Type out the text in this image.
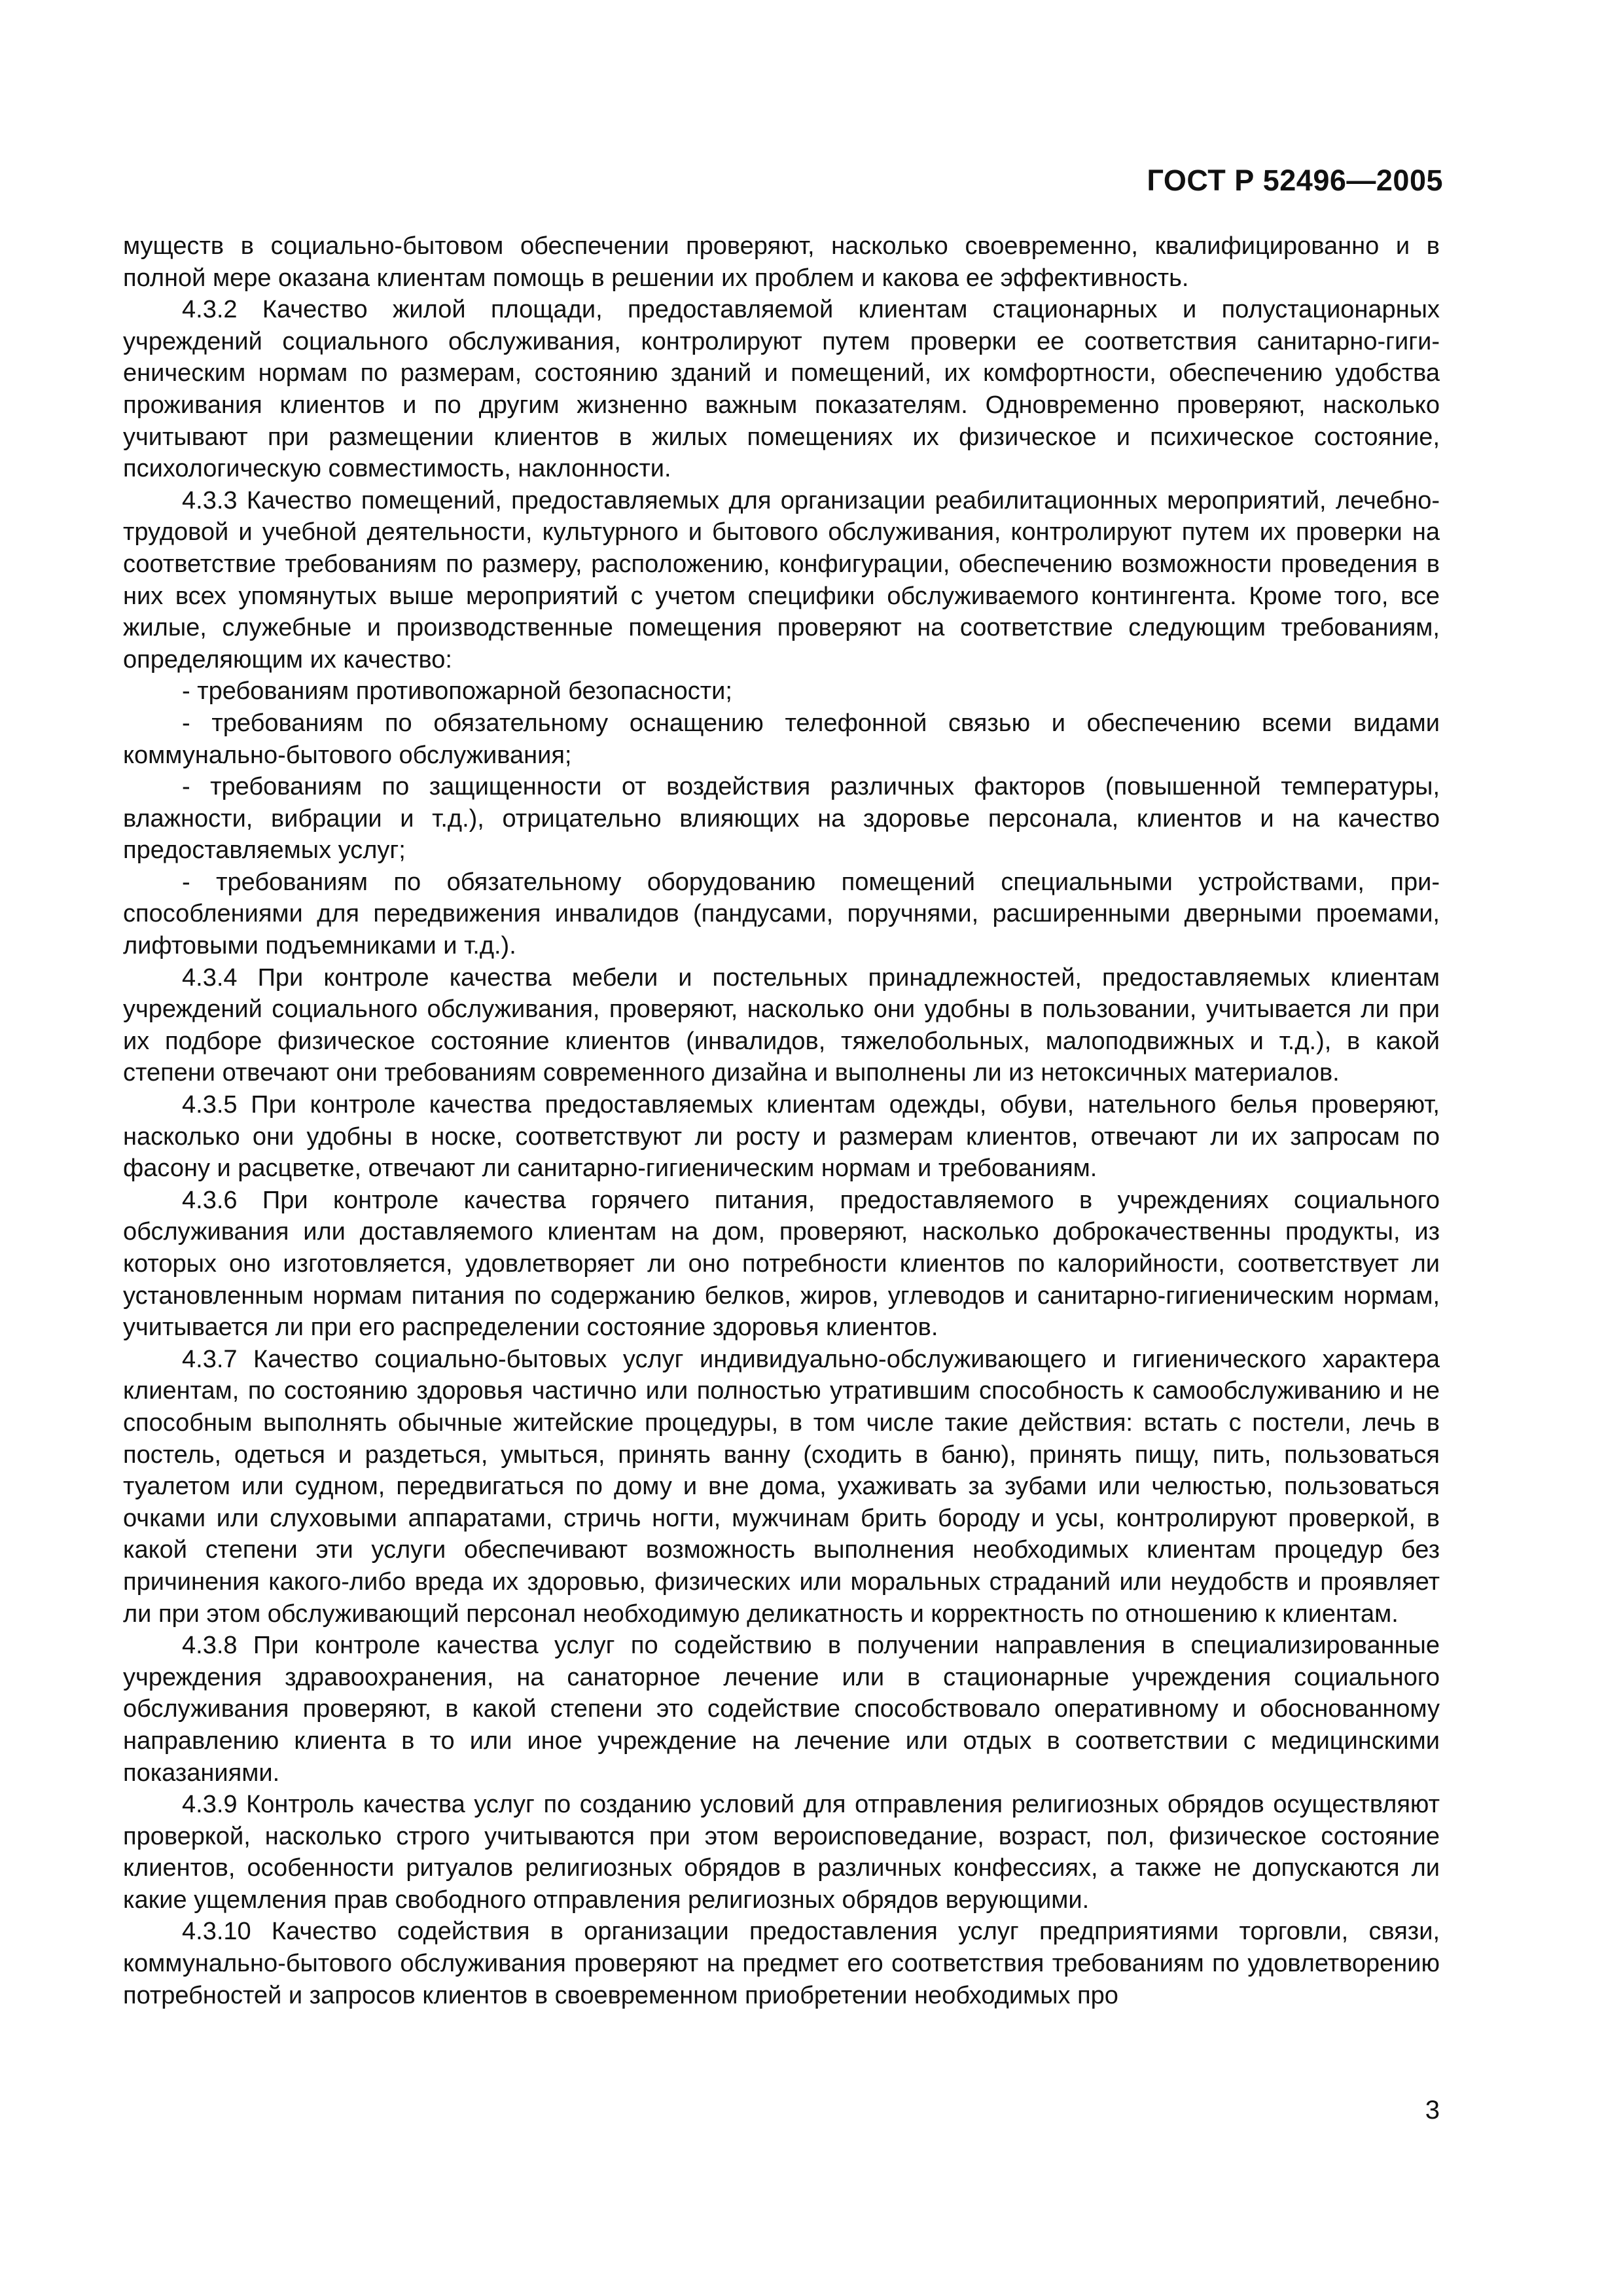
ГОСТ Р 52496—2005

муществ в социально-бытовом обеспечении проверяют, насколько своевременно, квалифицированно и в полной мере оказана клиентам помощь в решении их проблем и какова ее эффективность.

4.3.2 Качество жилой площади, предоставляемой клиентам стационарных и полустационарных учреждений социального обслуживания, контролируют путем проверки ее соответствия санитарно-гигиеническим нормам по размерам, состоянию зданий и помещений, их комфортности, обеспечению удобства проживания клиентов и по другим жизненно важным показателям. Одновременно проверяют, насколько учитывают при размещении клиентов в жилых помещениях их физическое и психическое состояние, психологическую совместимость, наклонности.

4.3.3 Качество помещений, предоставляемых для организации реабилитационных мероприятий, лечебно-трудовой и учебной деятельности, культурного и бытового обслуживания, контролируют путем их проверки на соответствие требованиям по размеру, расположению, конфигурации, обеспечению возможности проведения в них всех упомянутых выше мероприятий с учетом специфики обслуживаемого контингента. Кроме того, все жилые, служебные и производственные помещения проверяют на соответствие следующим требованиям, определяющим их качество:

- требованиям противопожарной безопасности;

- требованиям по обязательному оснащению телефонной связью и обеспечению всеми видами коммунально-бытового обслуживания;

- требованиям по защищенности от воздействия различных факторов (повышенной температуры, влажности, вибрации и т.д.), отрицательно влияющих на здоровье персонала, клиентов и на качество предоставляемых услуг;

- требованиям по обязательному оборудованию помещений специальными устройствами, приспособлениями для передвижения инвалидов (пандусами, поручнями, расширенными дверными проемами, лифтовыми подъемниками и т.д.).

4.3.4 При контроле качества мебели и постельных принадлежностей, предоставляемых клиентам учреждений социального обслуживания, проверяют, насколько они удобны в пользовании, учитывается ли при их подборе физическое состояние клиентов (инвалидов, тяжелобольных, малоподвижных и т.д.), в какой степени отвечают они требованиям современного дизайна и выполнены ли из нетоксичных материалов.

4.3.5 При контроле качества предоставляемых клиентам одежды, обуви, нательного белья проверяют, насколько они удобны в носке, соответствуют ли росту и размерам клиентов, отвечают ли их запросам по фасону и расцветке, отвечают ли санитарно-гигиеническим нормам и требованиям.

4.3.6 При контроле качества горячего питания, предоставляемого в учреждениях социального обслуживания или доставляемого клиентам на дом, проверяют, насколько доброкачественны продукты, из которых оно изготовляется, удовлетворяет ли оно потребности клиентов по калорийности, соответствует ли установленным нормам питания по содержанию белков, жиров, углеводов и санитарно-гигиеническим нормам, учитывается ли при его распределении состояние здоровья клиентов.

4.3.7 Качество социально-бытовых услуг индивидуально-обслуживающего и гигиенического характера клиентам, по состоянию здоровья частично или полностью утратившим способность к самообслуживанию и не способным выполнять обычные житейские процедуры, в том числе такие действия: встать с постели, лечь в постель, одеться и раздеться, умыться, принять ванну (сходить в баню), принять пищу, пить, пользоваться туалетом или судном, передвигаться по дому и вне дома, ухаживать за зубами или челюстью, пользоваться очками или слуховыми аппаратами, стричь ногти, мужчинам брить бороду и усы, контролируют проверкой, в какой степени эти услуги обеспечивают возможность выполнения необходимых клиентам процедур без причинения какого-либо вреда их здоровью, физических или моральных страданий или неудобств и проявляет ли при этом обслуживающий персонал необходимую деликатность и корректность по отношению к клиентам.

4.3.8 При контроле качества услуг по содействию в получении направления в специализированные учреждения здравоохранения, на санаторное лечение или в стационарные учреждения социального обслуживания проверяют, в какой степени это содействие способствовало оперативному и обоснованному направлению клиента в то или иное учреждение на лечение или отдых в соответствии с медицинскими показаниями.

4.3.9 Контроль качества услуг по созданию условий для отправления религиозных обрядов осуществляют проверкой, насколько строго учитываются при этом вероисповедание, возраст, пол, физическое состояние клиентов, особенности ритуалов религиозных обрядов в различных конфессиях, а также не допускаются ли какие ущемления прав свободного отправления религиозных обрядов верующими.

4.3.10 Качество содействия в организации предоставления услуг предприятиями торговли, связи, коммунально-бытового обслуживания проверяют на предмет его соответствия требованиям по удовлетворению потребностей и запросов клиентов в своевременном приобретении необходимых про

3
